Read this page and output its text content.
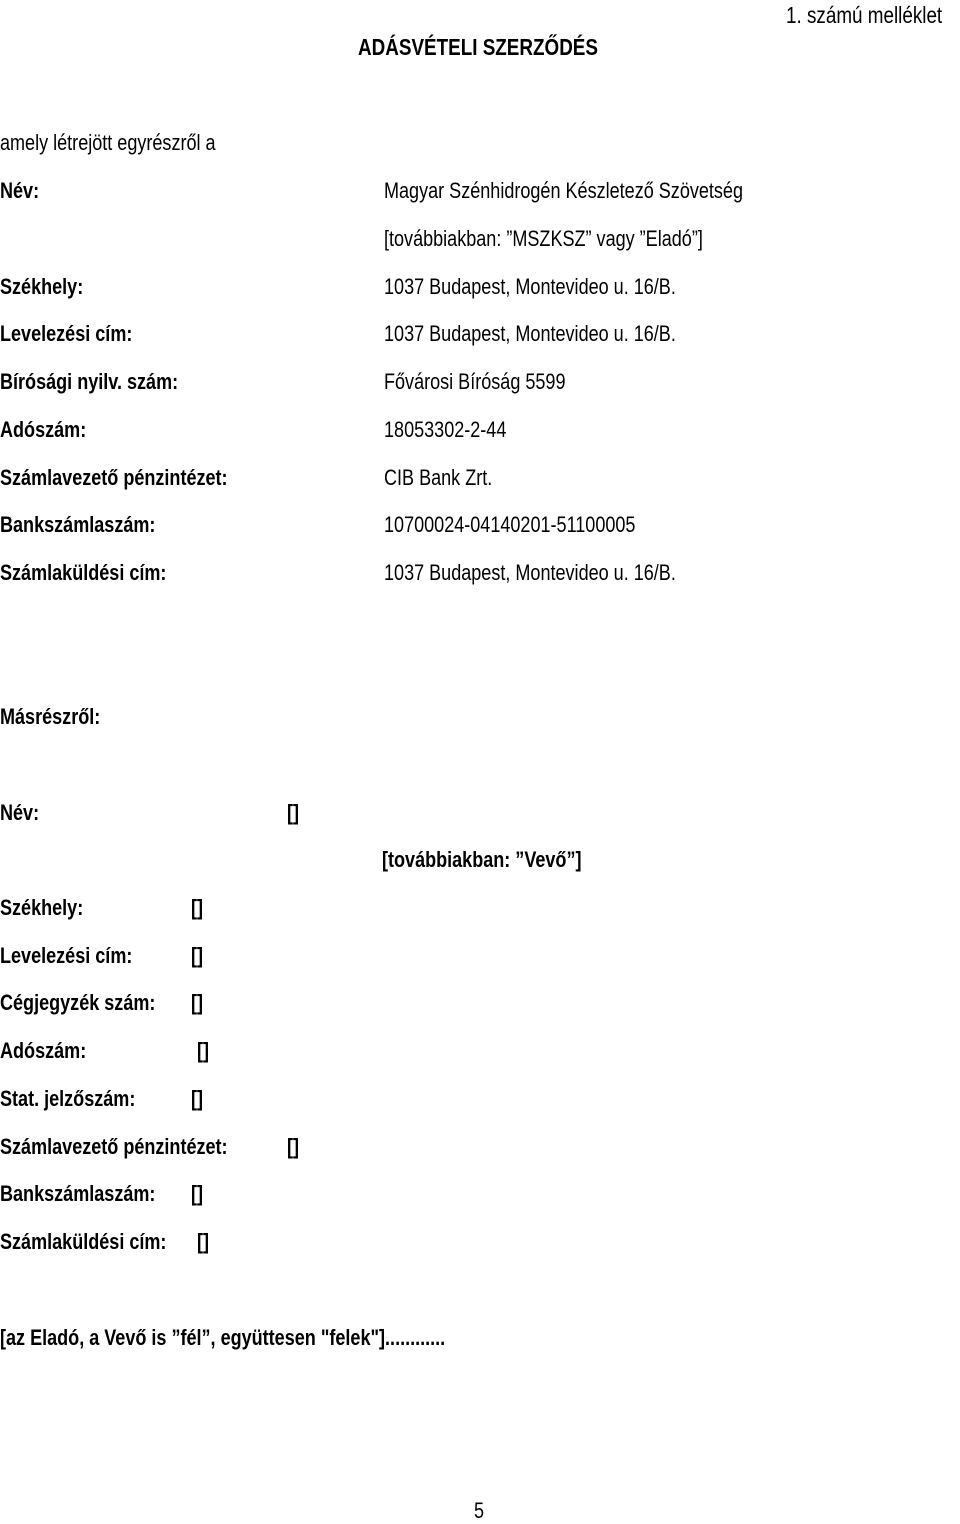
1. számú melléklet
ADÁSVÉTELI SZERZŐDÉS
amely létrejött egyrészről a
Név:	Magyar Szénhidrogén Készletező Szövetség
[továbbiakban: ”MSZKSZ” vagy ”Eladó”]
Székhely:	1037 Budapest, Montevideo u. 16/B.
Levelezési cím:	1037 Budapest, Montevideo u. 16/B.
Bírósági nyilv. szám:	Fővárosi Bíróság 5599
Adószám:	18053302-2-44
Számlavezető pénzintézet:	CIB Bank Zrt.
Bankszámlaszám:	10700024-04140201-51100005
Számlaküldési cím:	1037 Budapest, Montevideo u. 16/B.
Másrészről:
Név:	[]
[továbbiakban: ”Vevő”]
Székhely:	[]
Levelezési cím:	[]
Cégjegyzék szám: []
Adószám:	[]
Stat. jelzőszám:	[]
Számlavezető pénzintézet:	[]
Bankszámlaszám: []
Számlaküldési cím: []
[az Eladó, a Vevő is ”fél”, együttesen "felek"]............
5
